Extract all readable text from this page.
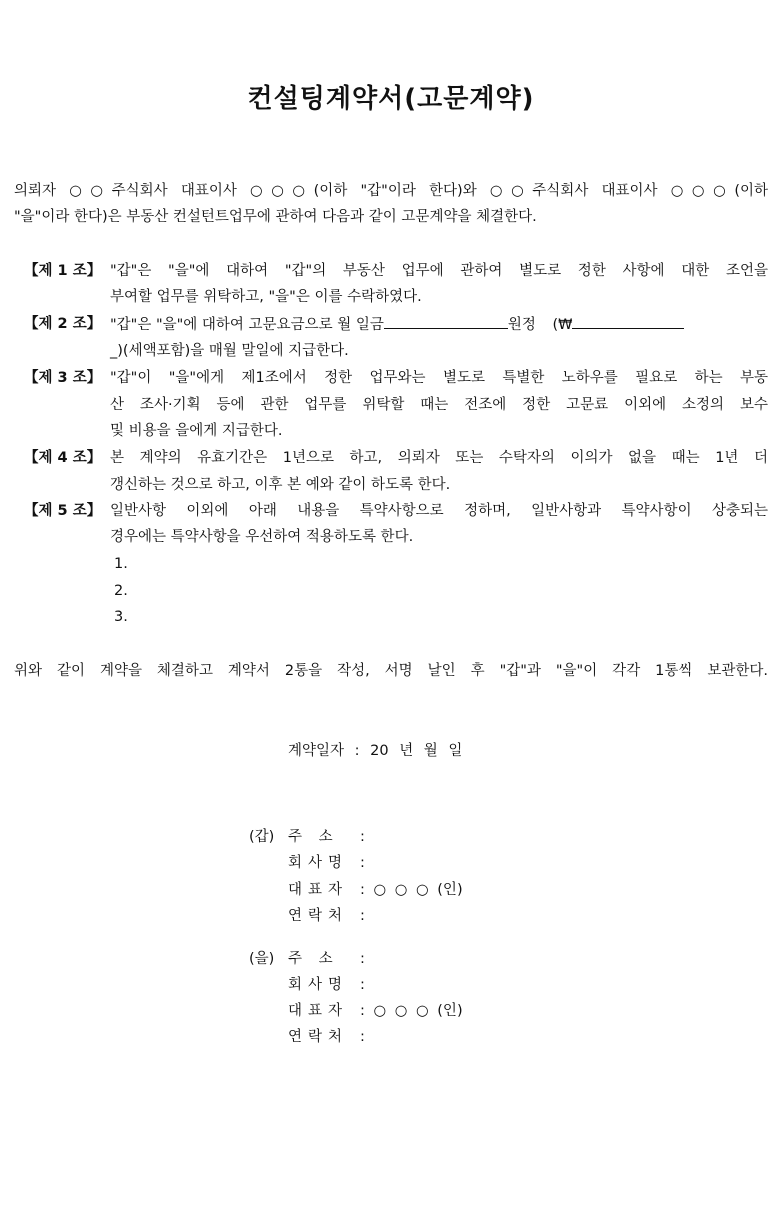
컨설팅계약서(고문계약)
의뢰자 ○○주식회사 대표이사 ○○○(이하 "갑"이라 한다)와 ○○주식회사 대표이사 ○○○(이하
"을"이라 한다)은 부동산 컨설턴트업무에 관하여 다음과 같이 고문계약을 체결한다.
【제 1 조】 "갑"은 "을"에 대하여 "갑"의 부동산 업무에 관하여 별도로 정한 사항에 대한 조언을
부여할 업무를 위탁하고, "을"은 이를 수락하였다.
【제 2 조】 "갑"은 "을"에 대하여 고문요금으로 월 일금	원정 (₩
_)(세액포함)을 매월 말일에 지급한다.
【제 3 조】 "갑"이 "을"에게 제1조에서 정한 업무와는 별도로 특별한 노하우를 필요로 하는 부동
산 조사·기획 등에 관한 업무를 위탁할 때는 전조에 정한 고문료 이외에 소정의 보수
및 비용을 을에게 지급한다.
【제 4 조】 본 계약의 유효기간은 1년으로 하고, 의뢰자 또는 수탁자의 이의가 없을 때는 1년 더
갱신하는 것으로 하고, 이후 본 예와 같이 하도록 한다.
【제 5 조】 일반사항 이외에 아래 내용을 특약사항으로 정하며, 일반사항과 특약사항이 상충되는
경우에는 특약사항을 우선하여 적용하도록 한다.
1.
2.
3.
위와 같이 계약을 체결하고 계약서 2통을 작성, 서명 날인 후 "갑"과 "을"이 각각 1통씩 보관한다.
계약일자 : 20 년 월 일
(갑) 주 소 :
회사명 :
대표자 : ○ ○ ○ (인)
연락처 :
(을) 주 소 :
회사명 :
대표자 : ○ ○ ○ (인)
연락처 :
